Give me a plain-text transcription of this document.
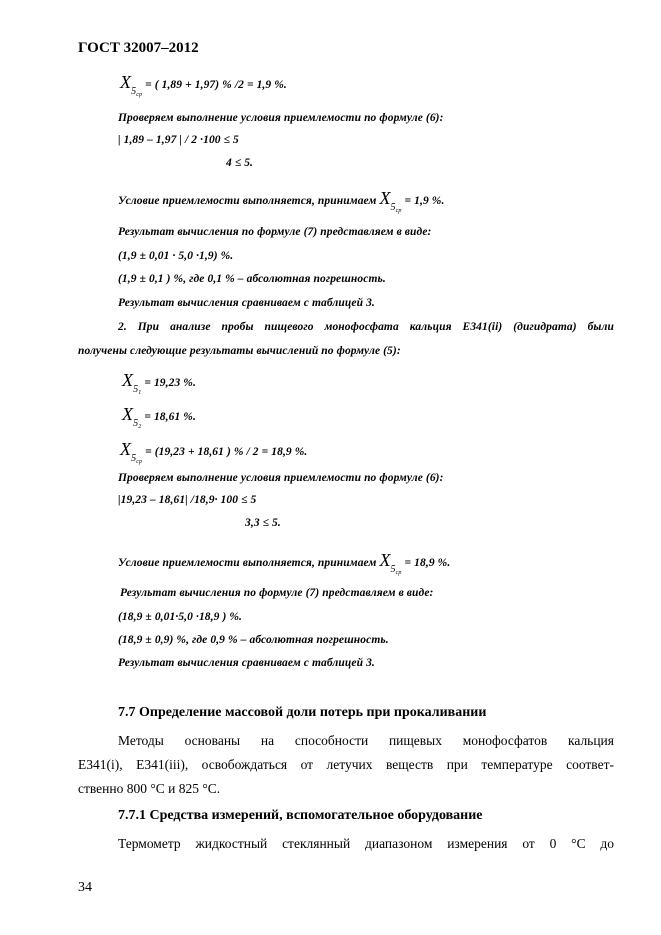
ГОСТ 32007–2012
$X5_{ср}$ = ( 1,89 + 1,97) % /2 = 1,9 %.
Проверяем выполнение условия приемлемости по формуле (6):
| 1,89 – 1,97 | / 2 ·100 ≤ 5
4 ≤ 5.
Условие приемлемости выполняется, принимаем $X5_{ср} = 1,9$ %.
Результат вычисления по формуле (7) представляем в виде:
(1,9 ± 0,01 · 5,0 ·1,9) %.
(1,9 ± 0,1 ) %, где 0,1 % – абсолютная погрешность.
Результат вычисления сравниваем с таблицей 3.
2. При анализе пробы пищевого монофосфата кальция Е341(ii) (дигидрата) были
получены следующие результаты вычислений по формуле (5):
$X5_1 = 19,23$ %.
$X5_2 = 18,61$ %.
$X5_{ср} = (19,23 + 18,61$ ) % / 2 = 18,9 %.
Проверяем выполнение условия приемлемости по формуле (6):
|19,23 – 18,61| /18,9· 100 ≤ 5
3,3 ≤ 5.
Условие приемлемости выполняется, принимаем $X5_{ср} = 18,9$ %.
Результат вычисления по формуле (7) представляем в виде:
(18,9 ± 0,01·5,0 ·18,9 ) %.
(18,9 ± 0,9) %, где 0,9 % – абсолютная погрешность.
Результат вычисления сравниваем с таблицей 3.
7.7 Определение массовой доли потерь при прокаливании
Методы основаны на способности пищевых монофосфатов кальция
Е341(i), Е341(iii), освобождаться от летучих веществ при температуре соответ-
ственно 800 °С и 825 °С.
7.7.1 Средства измерений, вспомогательное оборудование
Термометр жидкостный стеклянный диапазоном измерения от 0 °С до
34
